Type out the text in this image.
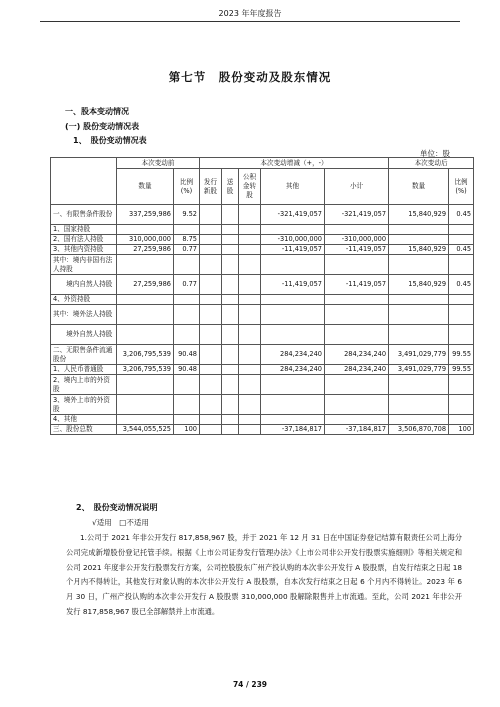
2023 年年度报告
第七节　股份变动及股东情况
一、股本变动情况
(一) 股份变动情况表
1、　股份变动情况表
单位：股
	本次变动前		本次变动增减（+，-）					本次变动后	
	数量	比例(%)	发行新股	送股	公积金转股	其他	小计	数量	比例(%)
一、有限售条件股份	337,259,986	9.52				-321,419,057	-321,419,057	15,840,929	0.45
1、国家持股									
2、国有法人持股	310,000,000	8.75				-310,000,000	-310,000,000		
3、其他内资持股	27,259,986	0.77				-11,419,057	-11,419,057	15,840,929	0.45
其中：境内非国有法人持股									
　　境内自然人持股	27,259,986	0.77				-11,419,057	-11,419,057	15,840,929	0.45
4、外资持股									
其中：境外法人持股									
　　境外自然人持股									
二、无限售条件流通股份	3,206,795,539	90.48				284,234,240	284,234,240	3,491,029,779	99.55
1、人民币普通股	3,206,795,539	90.48				284,234,240	284,234,240	3,491,029,779	99.55
2、境内上市的外资股									
3、境外上市的外资股									
4、其他									
三、股份总数	3,544,055,525	100				-37,184,817	-37,184,817	3,506,870,708	100
2、　股份变动情况说明
√适用　□不适用
1.公司于 2021 年非公开发行 817,858,967 股，并于 2021 年 12 月 31 日在中国证券登记结算有限责任公司上海分公司完成新增股份登记托管手续。根据《上市公司证券发行管理办法》《上市公司非公开发行股票实施细则》等相关规定和公司 2021 年度非公开发行股票发行方案，公司控股股东广州产投认购的本次非公开发行 A 股股票，自发行结束之日起 18 个月内不得转让，其他发行对象认购的本次非公开发行 A 股股票，自本次发行结束之日起 6 个月内不得转让。2023 年 6 月 30 日，广州产投认购的本次非公开发行 A 股股票 310,000,000 股解除限售并上市流通。至此，公司 2021 年非公开发行 817,858,967 股已全部解禁并上市流通。
74 / 239
